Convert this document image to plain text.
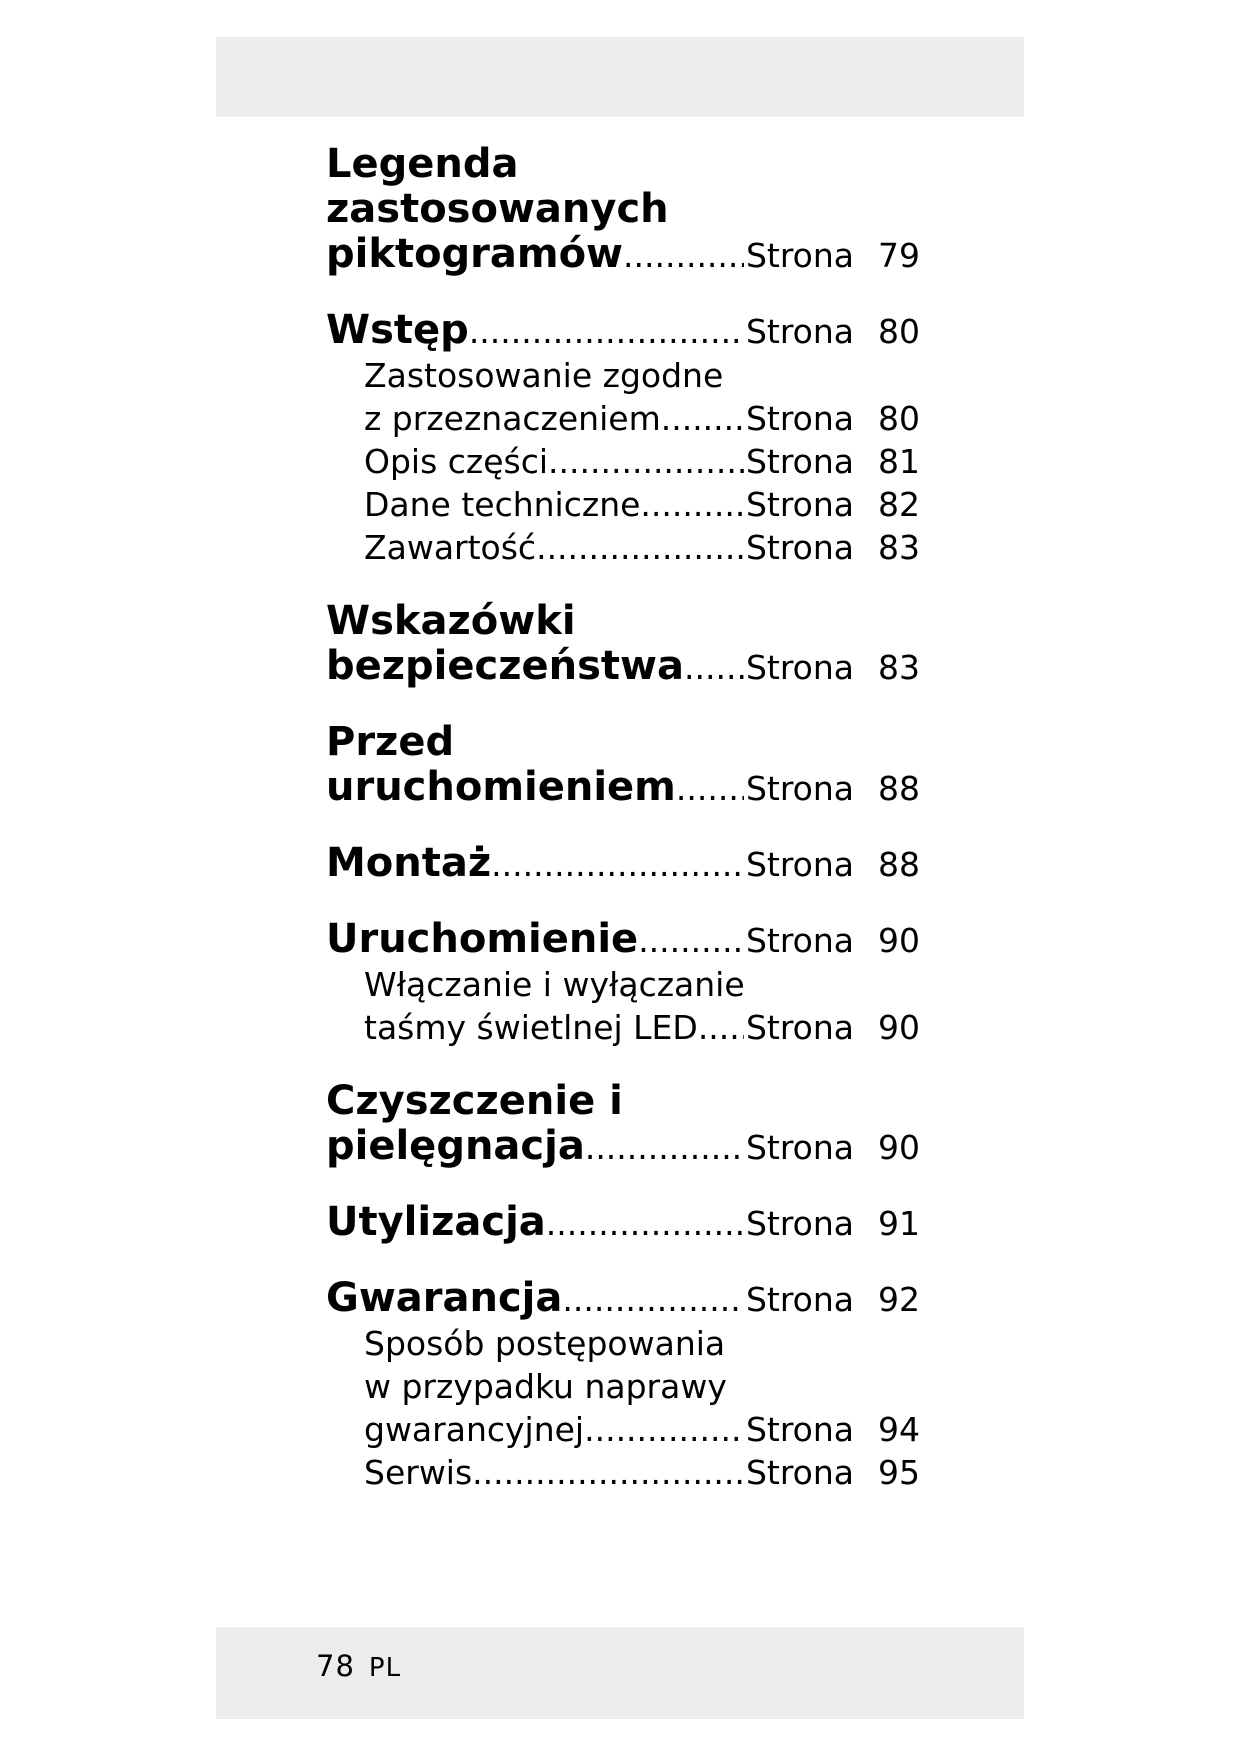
78 PL
Legenda
zastosowanych
piktogramów .....	Strona 79
Wstęp .....	Strona 80
Zastosowanie zgodne
z przeznaczeniem .....	Strona 80
Opis części .....	Strona 81
Dane techniczne .....	Strona 82
Zawartość .....	Strona 83
Wskazówki
bezpieczeństwa ..... Strona 83
Przed
uruchomieniem ..... Strona 88
Montaż .....	Strona 88
Uruchomienie .....	Strona 90
Włączanie i wyłączanie
taśmy świetlnej LED ..... Strona 90
Czyszczenie i
pielęgnacja .....	Strona 90
Utylizacja .....	Strona 91
Gwarancja .....	Strona 92
Sposób postępowania
w przypadku naprawy
gwarancyjnej .....	Strona 94
Serwis .....	Strona 95
